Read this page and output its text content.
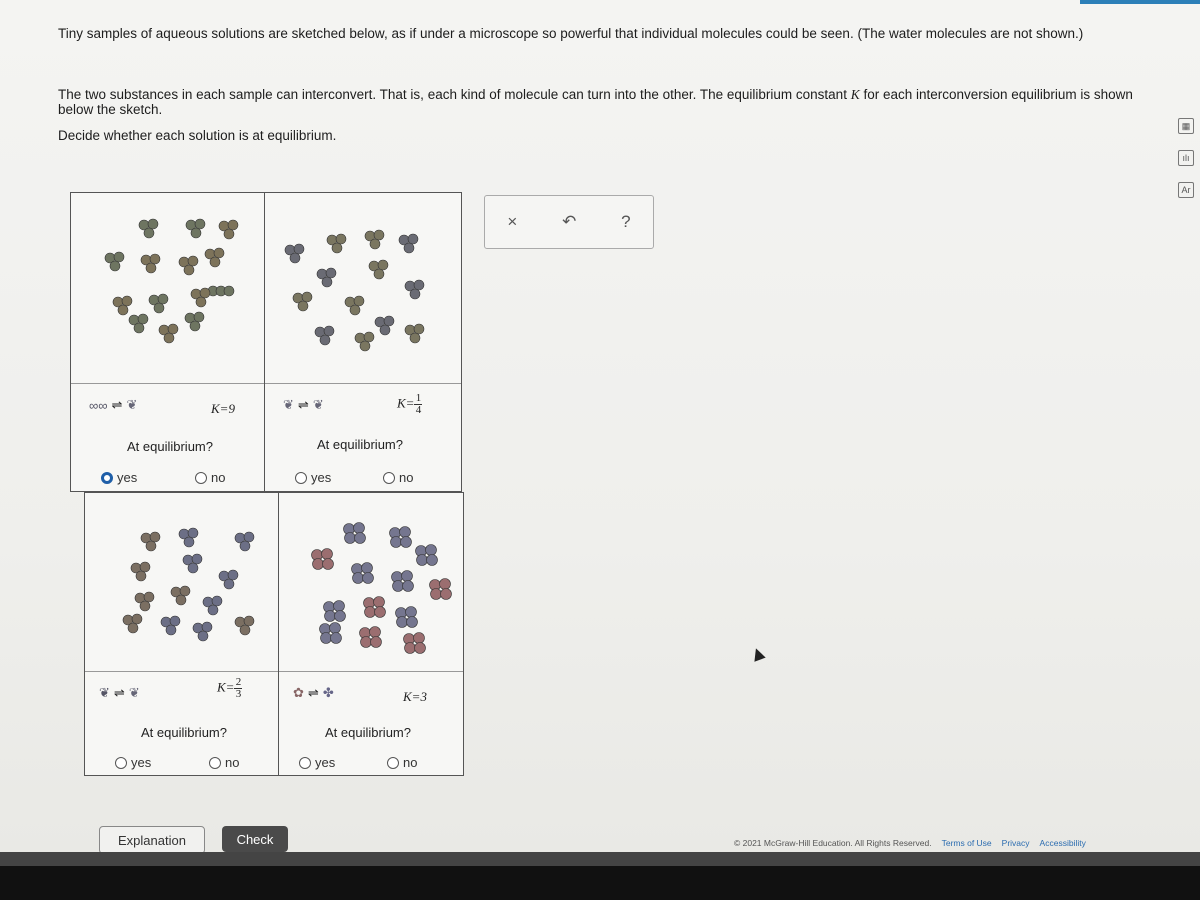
Tiny samples of aqueous solutions are sketched below, as if under a microscope so powerful that individual molecules could be seen. (The water molecules are not shown.)
The two substances in each sample can interconvert. That is, each kind of molecule can turn into the other. The equilibrium constant K for each interconversion equilibrium is shown below the sketch.
Decide whether each solution is at equilibrium.
∞∞ ⇌ ❦	K=9
At equilibrium?
yes	no
❦ ⇌ ❦	$K= \frac{1}{4}$
At equilibrium?
yes	no
❦ ⇌ ❦	$K= \frac{2}{3}$
At equilibrium?
yes	no
✿ ⇌ ✤	K=3
At equilibrium?
yes	no
×	↶	?
▦
ılı
Ar
Explanation	Check	© 2021 McGraw-Hill Education. All Rights Reserved. Terms of Use Privacy Accessibility
